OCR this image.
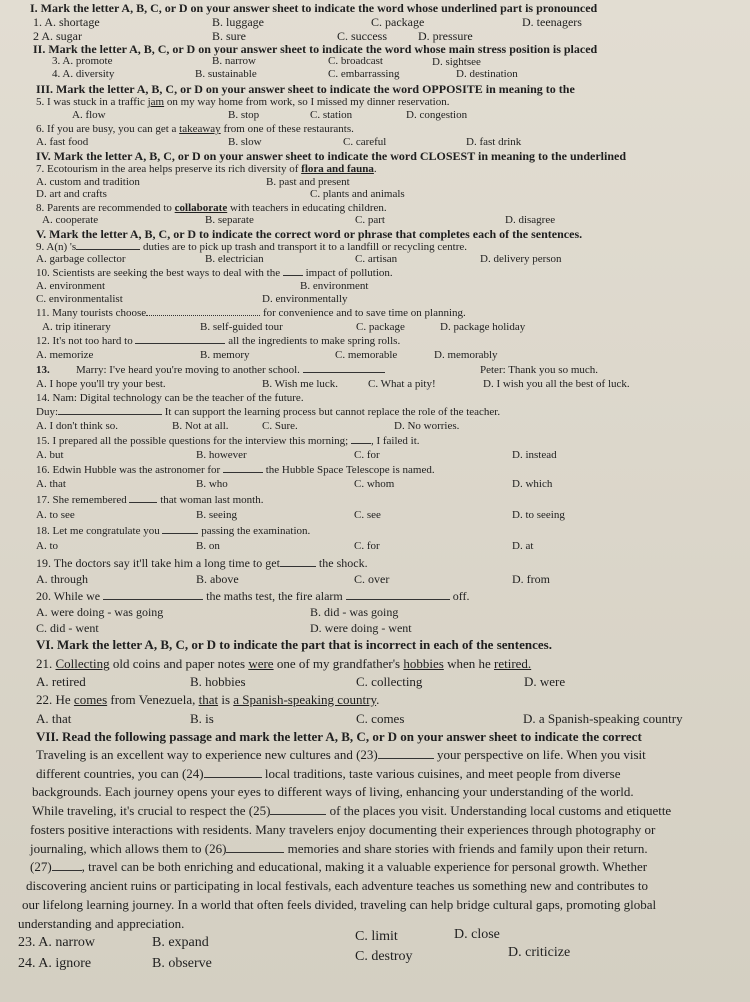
I. Mark the letter A, B, C, or D on your answer sheet to indicate the word whose underlined part is pronounced
1. A. shortage	B. luggage	C. package	D. teenagers
2 A. sugar	B. sure	C. success	D. pressure
II. Mark the letter A, B, C, or D on your answer sheet to indicate the word whose main stress position is placed
3. A. promote	B. narrow	C. broadcast	D. sightsee
4. A. diversity	B. sustainable	C. embarrassing	D. destination
III. Mark the letter A, B, C, or D on your answer sheet to indicate the word OPPOSITE in meaning to the
5. I was stuck in a traffic jam on my way home from work, so I missed my dinner reservation.
A. flow	B. stop	C. station	D. congestion
6. If you are busy, you can get a takeaway from one of these restaurants.
A. fast food	B. slow	C. careful	D. fast drink
IV. Mark the letter A, B, C, or D on your answer sheet to indicate the word CLOSEST in meaning to the underlined
7. Ecotourism in the area helps preserve its rich diversity of flora and fauna.
A. custom and tradition	B. past and present
D. art and crafts	C. plants and animals
8. Parents are recommended to collaborate with teachers in educating children.
A. cooperate	B. separate	C. part	D. disagree
V. Mark the letter A, B, C, or D to indicate the correct word or phrase that completes each of the sentences.
9. A(n) 's	duties are to pick up trash and transport it to a landfill or recycling centre.
A. garbage collector	B. electrician	C. artisan	D. delivery person
10. Scientists are seeking the best ways to deal with the impact of pollution.
A. environment	B. environment
C. environmentalist	D. environmentally
11. Many tourists choose	for convenience and to save time on planning.
A. trip itinerary	B. self-guided tour	C. package	D. package holiday
12. It's not too hard to	all the ingredients to make spring rolls.
A. memorize	B. memory	C. memorable	D. memorably
13. Marry: I've heard you're moving to another school.	Peter: Thank you so much.
A. I hope you'll try your best.	B. Wish me luck.	C. What a pity!	D. I wish you all the best of luck.
14. Nam: Digital technology can be the teacher of the future.
Duy:	It can support the learning process but cannot replace the role of the teacher.
A. I don't think so.	B. Not at all.	C. Sure.	D. No worries.
15. I prepared all the possible questions for the interview this morning; , I failed it.
A. but	B. however	C. for	D. instead
16. Edwin Hubble was the astronomer for	the Hubble Space Telescope is named.
A. that	B. who	C. whom	D. which
17. She remembered	that woman last month.
A. to see	B. seeing	C. see	D. to seeing
18. Let me congratulate you	passing the examination.
A. to	B. on	C. for	D. at
19. The doctors say it'll take him a long time to get	the shock.
A. through	B. above	C. over	D. from
20. While we	the maths test, the fire alarm	off.
A. were doing - was going	B. did - was going
C. did - went	D. were doing - went
VI. Mark the letter A, B, C, or D to indicate the part that is incorrect in each of the sentences.
21. Collecting old coins and paper notes were one of my grandfather's hobbies when he retired.
A. retired	B. hobbies	C. collecting	D. were
22. He comes from Venezuela, that is a Spanish-speaking country.
A. that	B. is	C. comes	D. a Spanish-speaking country
VII. Read the following passage and mark the letter A, B, C, or D on your answer sheet to indicate the correct
Traveling is an excellent way to experience new cultures and (23)	your perspective on life. When you visit
different countries, you can (24)	local traditions, taste various cuisines, and meet people from diverse
backgrounds. Each journey opens your eyes to different ways of living, enhancing your understanding of the world.
While traveling, it's crucial to respect the (25)	of the places you visit. Understanding local customs and etiquette
fosters positive interactions with residents. Many travelers enjoy documenting their experiences through photography or
journaling, which allows them to (26)	memories and share stories with friends and family upon their return.
(27) , travel can be both enriching and educational, making it a valuable experience for personal growth. Whether
discovering ancient ruins or participating in local festivals, each adventure teaches us something new and contributes to
our lifelong learning journey. In a world that often feels divided, traveling can help bridge cultural gaps, promoting global
understanding and appreciation.
23. A. narrow	B. expand	C. limit	D. close
24. A. ignore	B. observe	C. destroy	D. criticize
